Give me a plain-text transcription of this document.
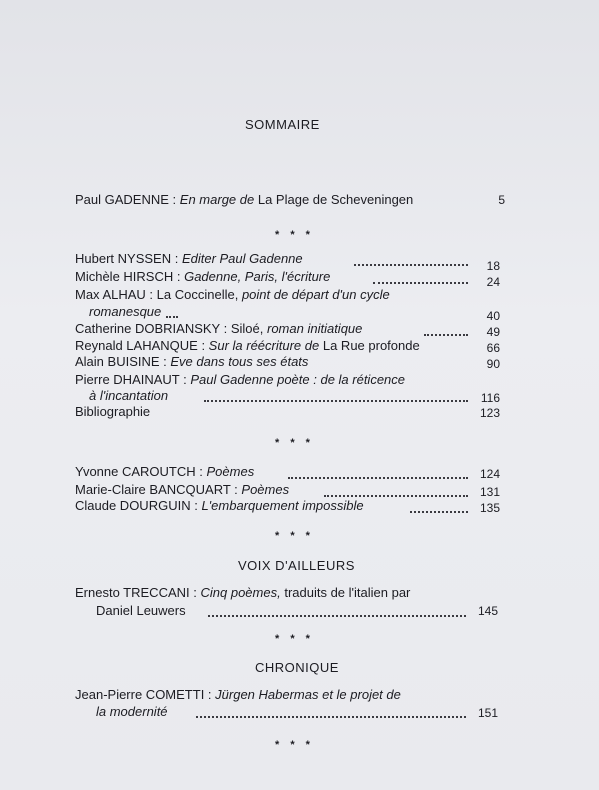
SOMMAIRE
Paul GADENNE : En marge de La Plage de Scheveningen	5
* * *
Hubert NYSSEN : Editer Paul Gadenne	18
Michèle HIRSCH : Gadenne, Paris, l'écriture	24
Max ALHAU : La Coccinelle, point de départ d'un cycle
romanesque	40
Catherine DOBRIANSKY : Siloé, roman initiatique	49
Reynald LAHANQUE : Sur la réécriture de La Rue profonde	66
Alain BUISINE : Eve dans tous ses états	90
Pierre DHAINAUT : Paul Gadenne poète : de la réticence
à l'incantation	116
Bibliographie	123
* * *
Yvonne CAROUTCH : Poèmes	124
Marie-Claire BANCQUART : Poèmes	131
Claude DOURGUIN : L'embarquement impossible	135
* * *
VOIX D'AILLEURS
Ernesto TRECCANI : Cinq poèmes, traduits de l'italien par
Daniel Leuwers	145
* * *
CHRONIQUE
Jean-Pierre COMETTI : Jürgen Habermas et le projet de
la modernité	151
* * *
